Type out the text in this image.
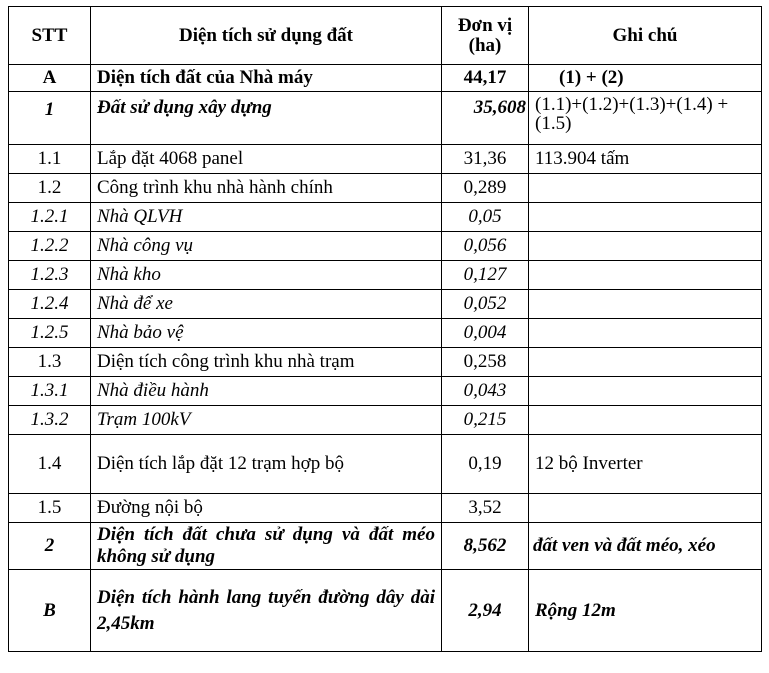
STT	Diện tích sử dụng đất	Đơn vị (ha)	Ghi chú
A	Diện tích đất của Nhà máy	44,17	(1) + (2)
1	Đất sử dụng xây dựng	35,608	(1.1)+(1.2)+(1.3)+(1.4) +(1.5)
1.1	Lắp đặt 4068 panel	31,36	113.904 tấm
1.2	Công trình khu nhà hành chính	0,289	
1.2.1	Nhà QLVH	0,05	
1.2.2	Nhà công vụ	0,056	
1.2.3	Nhà kho	0,127	
1.2.4	Nhà để xe	0,052	
1.2.5	Nhà bảo vệ	0,004	
1.3	Diện tích công trình khu nhà trạm	0,258	
1.3.1	Nhà điều hành	0,043	
1.3.2	Trạm 100kV	0,215	
1.4	Diện tích lắp đặt 12 trạm hợp bộ	0,19	12 bộ Inverter
1.5	Đường nội bộ	3,52	
2	Diện tích đất chưa sử dụng và đất méo không sử dụng	8,562	đất ven và đất méo, xéo
B	Diện tích hành lang tuyến đường dây dài 2,45km	2,94	Rộng 12m
